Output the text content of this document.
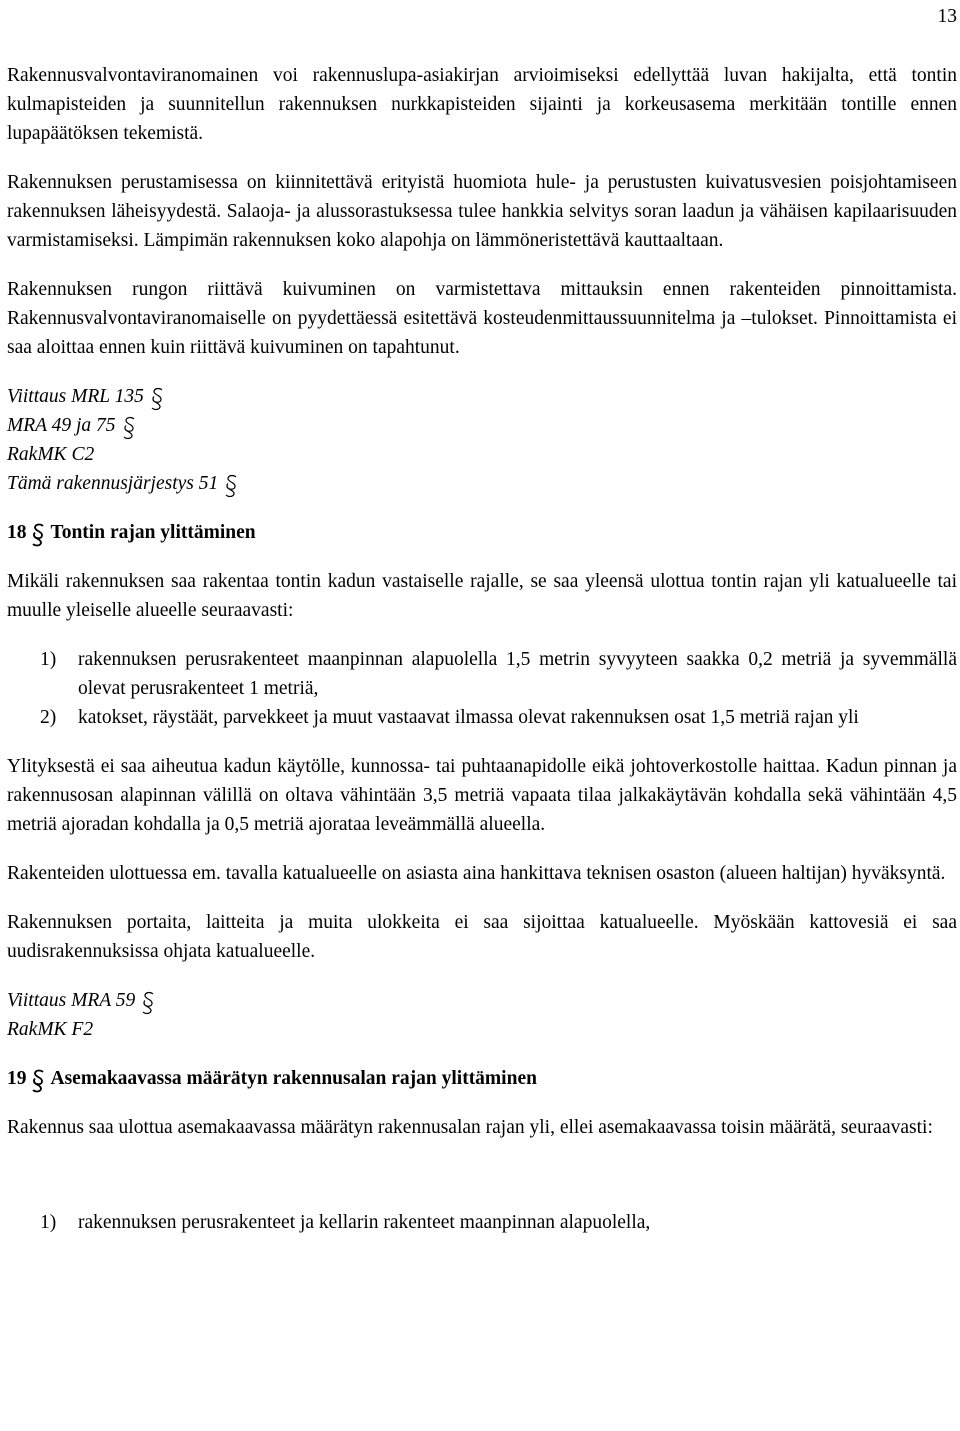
13

Rakennusvalvontaviranomainen voi rakennuslupa-asiakirjan arvioimiseksi edellyttää luvan hakijalta, että tontin kulmapisteiden ja suunnitellun rakennuksen nurkkapisteiden sijainti ja korkeusasema merkitään tontille ennen lupapäätöksen tekemistä.

Rakennuksen perustamisessa on kiinnitettävä erityistä huomiota hule- ja perustusten kuivatusvesien poisjohtamiseen rakennuksen läheisyydestä. Salaoja- ja alussorastuksessa tulee hankkia selvitys soran laadun ja vähäisen kapilaarisuuden varmistamiseksi. Lämpimän rakennuksen koko alapohja on lämmöneristettävä kauttaaltaan.

Rakennuksen rungon riittävä kuivuminen on varmistettava mittauksin ennen rakenteiden pinnoittamista. Rakennusvalvontaviranomaiselle on pyydettäessä esitettävä kosteudenmittaussuunnitelma ja –tulokset. Pinnoittamista ei saa aloittaa ennen kuin riittävä kuivuminen on tapahtunut.

Viittaus MRL 135
MRA 49 ja 75
RakMK C2
Tämä rakennusjärjestys 51
18 Tontin rajan ylittäminen

Mikäli rakennuksen saa rakentaa tontin kadun vastaiselle rajalle, se saa yleensä ulottua tontin rajan yli katualueelle tai muulle yleiselle alueelle seuraavasti:

1) rakennuksen perusrakenteet maanpinnan alapuolella 1,5 metrin syvyyteen saakka 0,2 metriä ja syvemmällä olevat perusrakenteet 1 metriä,
2) katokset, räystäät, parvekkeet ja muut vastaavat ilmassa olevat rakennuksen osat 1,5 metriä rajan yli

Ylityksestä ei saa aiheutua kadun käytölle, kunnossa- tai puhtaanapidolle eikä johtoverkostolle haittaa. Kadun pinnan ja rakennusosan alapinnan välillä on oltava vähintään 3,5 metriä vapaata tilaa jalkakäytävän kohdalla sekä vähintään 4,5 metriä ajoradan kohdalla ja 0,5 metriä ajorataa leveämmällä alueella.

Rakenteiden ulottuessa em. tavalla katualueelle on asiasta aina hankittava teknisen osaston (alueen haltijan) hyväksyntä.

Rakennuksen portaita, laitteita ja muita ulokkeita ei saa sijoittaa katualueelle. Myöskään kattovesiä ei saa uudisrakennuksissa ohjata katualueelle.

Viittaus MRA 59
RakMK F2
19 Asemakaavassa määrätyn rakennusalan rajan ylittäminen

Rakennus saa ulottua asemakaavassa määrätyn rakennusalan rajan yli, ellei asemakaavassa toisin määrätä, seuraavasti:

1) rakennuksen perusrakenteet ja kellarin rakenteet maanpinnan alapuolella,
